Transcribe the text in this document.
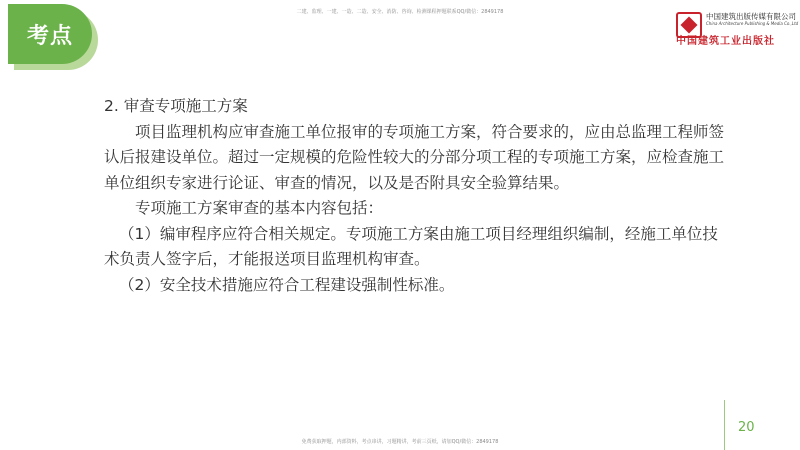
考点
二建、监理、一建、一造、二造、安全、消防、咨询、检测课程押题联系QQ/微信：2849178	中国建筑出版传媒有限公司
China Architecture Publishing & Media Co.,Ltd
中国建筑工业出版社

2. 审查专项施工方案

项目监理机构应审查施工单位报审的专项施工方案，符合要求的，应由总监理工程师签认后报建设单位。超过一定规模的危险性较大的分部分项工程的专项施工方案，应检查施工单位组织专家进行论证、审查的情况，以及是否附具安全验算结果。

专项施工方案审查的基本内容包括：

（1）编审程序应符合相关规定。专项施工方案由施工项目经理组织编制，经施工单位技术负责人签字后，才能报送项目监理机构审查。

（2）安全技术措施应符合工程建设强制性标准。

20
免费获取押题，内部资料，考点串讲，习题精讲，考前三页纸，请加QQ/微信：2849178
